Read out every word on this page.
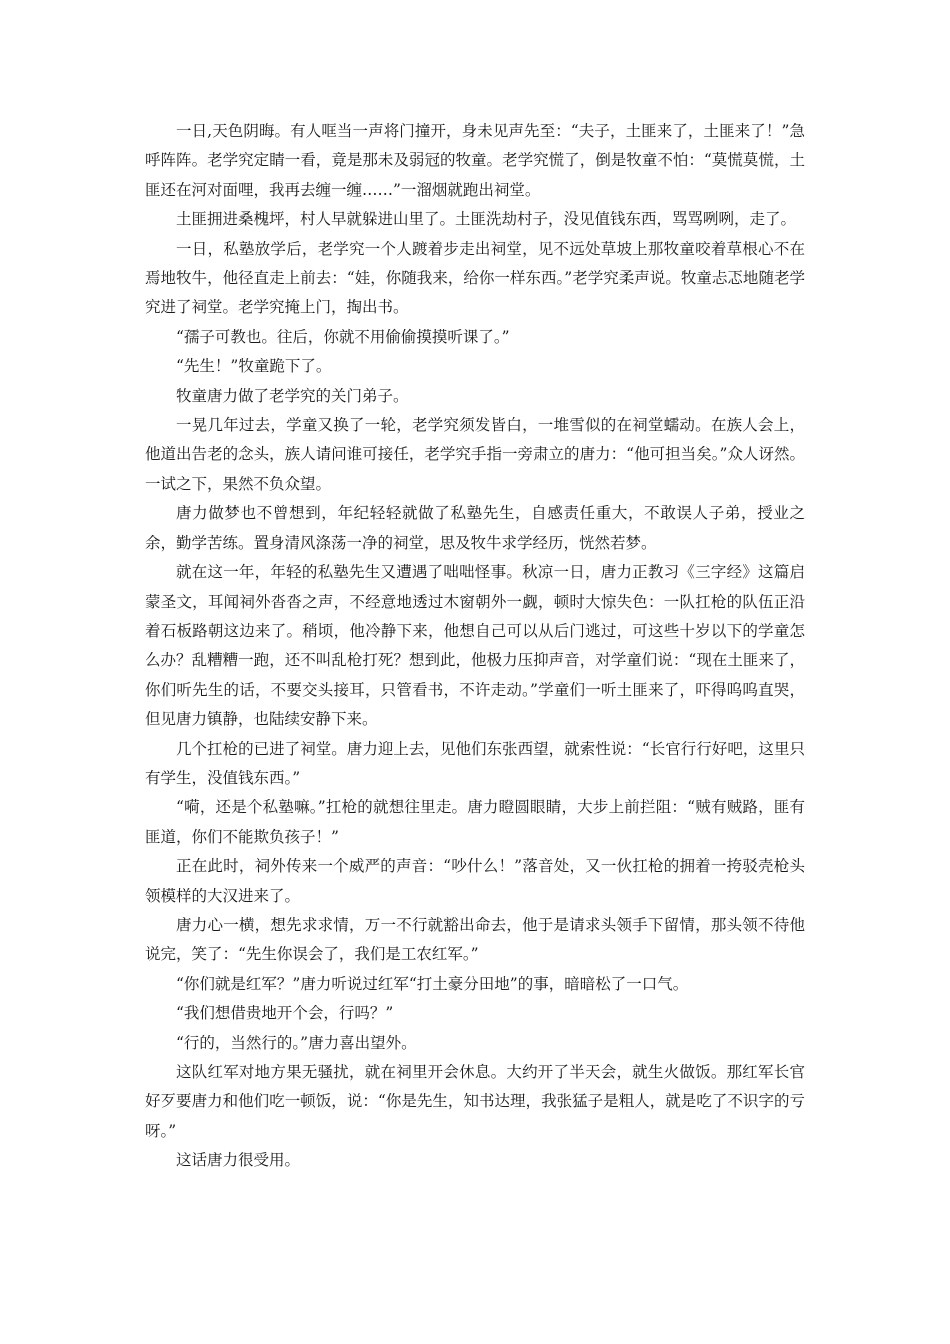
一日,天色阴晦。有人哐当一声将门撞开，身未见声先至：“夫子，土匪来了，土匪来了！”急呼阵阵。老学究定睛一看，竟是那未及弱冠的牧童。老学究慌了，倒是牧童不怕：“莫慌莫慌，土匪还在河对面哩，我再去缠一缠……”一溜烟就跑出祠堂。

土匪拥进桑槐坪，村人早就躲进山里了。土匪洗劫村子，没见值钱东西，骂骂咧咧，走了。

一日，私塾放学后，老学究一个人踱着步走出祠堂，见不远处草坡上那牧童咬着草根心不在焉地牧牛，他径直走上前去：“娃，你随我来，给你一样东西。”老学究柔声说。牧童忐忑地随老学究进了祠堂。老学究掩上门，掏出书。

“孺子可教也。往后，你就不用偷偷摸摸听课了。”

“先生！”牧童跪下了。

牧童唐力做了老学究的关门弟子。

一晃几年过去，学童又换了一轮，老学究须发皆白，一堆雪似的在祠堂蠕动。在族人会上，他道出告老的念头，族人请问谁可接任，老学究手指一旁肃立的唐力：“他可担当矣。”众人讶然。一试之下，果然不负众望。

唐力做梦也不曾想到，年纪轻轻就做了私塾先生，自感责任重大，不敢误人子弟，授业之余，勤学苦练。置身清风涤荡一净的祠堂，思及牧牛求学经历，恍然若梦。

就在这一年，年轻的私塾先生又遭遇了咄咄怪事。秋凉一日，唐力正教习《三字经》这篇启蒙圣文，耳闻祠外沓沓之声，不经意地透过木窗朝外一觑，顿时大惊失色：一队扛枪的队伍正沿着石板路朝这边来了。稍顷，他冷静下来，他想自己可以从后门逃过，可这些十岁以下的学童怎么办？乱糟糟一跑，还不叫乱枪打死？想到此，他极力压抑声音，对学童们说：“现在土匪来了，你们听先生的话，不要交头接耳，只管看书，不许走动。”学童们一听土匪来了，吓得呜呜直哭，但见唐力镇静，也陆续安静下来。

几个扛枪的已进了祠堂。唐力迎上去，见他们东张西望，就索性说：“长官行行好吧，这里只有学生，没值钱东西。”

“嗬，还是个私塾嘛。”扛枪的就想往里走。唐力瞪圆眼睛，大步上前拦阻：“贼有贼路，匪有匪道，你们不能欺负孩子！”

正在此时，祠外传来一个威严的声音：“吵什么！”落音处，又一伙扛枪的拥着一挎驳壳枪头领模样的大汉进来了。

唐力心一横，想先求求情，万一不行就豁出命去，他于是请求头领手下留情，那头领不待他说完，笑了：“先生你误会了，我们是工农红军。”

“你们就是红军？”唐力听说过红军“打土豪分田地”的事，暗暗松了一口气。

“我们想借贵地开个会，行吗？”

“行的，当然行的。”唐力喜出望外。

这队红军对地方果无骚扰，就在祠里开会休息。大约开了半天会，就生火做饭。那红军长官好歹要唐力和他们吃一顿饭，说：“你是先生，知书达理，我张猛子是粗人，就是吃了不识字的亏呀。”

这话唐力很受用。
